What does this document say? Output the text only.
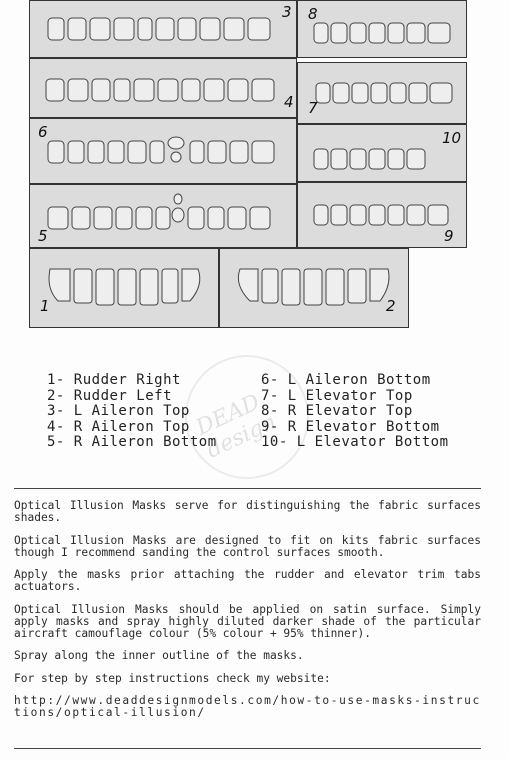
3 8
4 7
6	10
5	9
1	2
DEAD design
1- Rudder Right
2- Rudder Left
3- L Aileron Top
4- R Aileron Top
5- R Aileron Bottom
6- L Aileron Bottom
7- L Elevator Top
8- R Elevator Top
9- R Elevator Bottom
10- L Elevator Bottom

Optical Illusion Masks serve for distinguishing the fabric surfaces shades.

Optical Illusion Masks are designed to fit on kits fabric surfaces though I recommend sanding the control surfaces smooth.

Apply the masks prior attaching the rudder and elevator trim tabs actuators.

Optical Illusion Masks should be applied on satin surface. Simply apply masks and spray highly diluted darker shade of the particular aircraft camouflage colour (5% colour + 95% thinner).

Spray along the inner outline of the masks.

For step by step instructions check my website:

http://www.deaddesignmodels.com/how-to-use-masks-instructions/optical-illusion/
